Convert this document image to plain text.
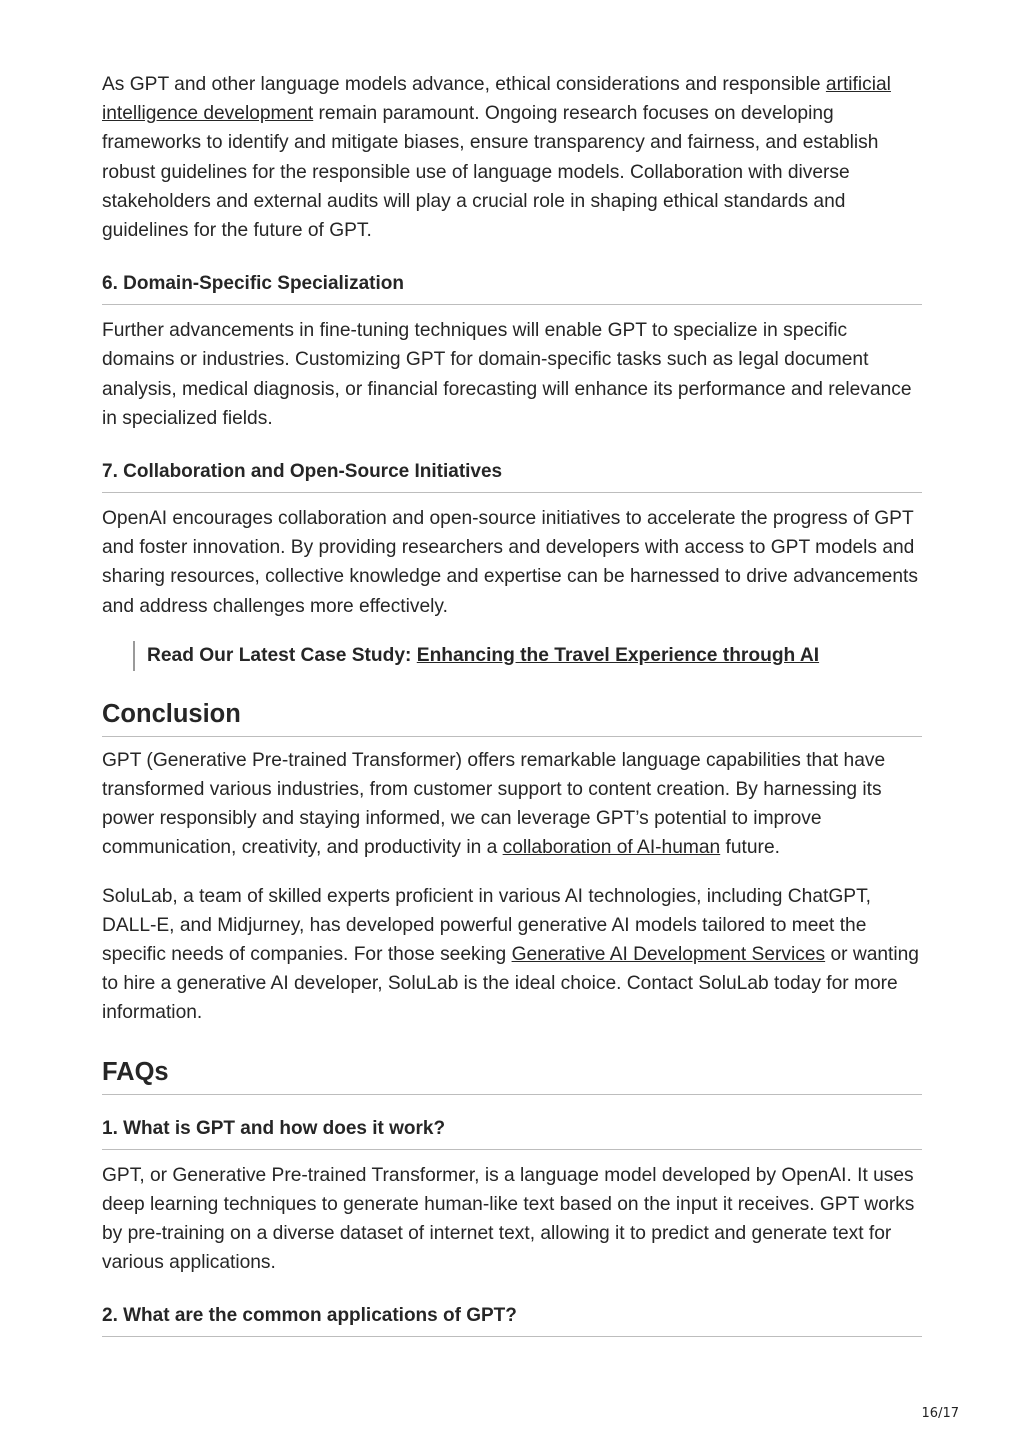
As GPT and other language models advance, ethical considerations and responsible artificial intelligence development remain paramount. Ongoing research focuses on developing frameworks to identify and mitigate biases, ensure transparency and fairness, and establish robust guidelines for the responsible use of language models. Collaboration with diverse stakeholders and external audits will play a crucial role in shaping ethical standards and guidelines for the future of GPT.

6. Domain-Specific Specialization

Further advancements in fine-tuning techniques will enable GPT to specialize in specific domains or industries. Customizing GPT for domain-specific tasks such as legal document analysis, medical diagnosis, or financial forecasting will enhance its performance and relevance in specialized fields.

7. Collaboration and Open-Source Initiatives

OpenAI encourages collaboration and open-source initiatives to accelerate the progress of GPT and foster innovation. By providing researchers and developers with access to GPT models and sharing resources, collective knowledge and expertise can be harnessed to drive advancements and address challenges more effectively.

Read Our Latest Case Study: Enhancing the Travel Experience through AI
Conclusion

GPT (Generative Pre-trained Transformer) offers remarkable language capabilities that have transformed various industries, from customer support to content creation. By harnessing its power responsibly and staying informed, we can leverage GPT’s potential to improve communication, creativity, and productivity in a collaboration of AI-human future.

SoluLab, a team of skilled experts proficient in various AI technologies, including ChatGPT, DALL-E, and Midjurney, has developed powerful generative AI models tailored to meet the specific needs of companies. For those seeking Generative AI Development Services or wanting to hire a generative AI developer, SoluLab is the ideal choice. Contact SoluLab today for more information.

FAQs
1. What is GPT and how does it work?

GPT, or Generative Pre-trained Transformer, is a language model developed by OpenAI. It uses deep learning techniques to generate human-like text based on the input it receives. GPT works by pre-training on a diverse dataset of internet text, allowing it to predict and generate text for various applications.

2. What are the common applications of GPT?
16/17
